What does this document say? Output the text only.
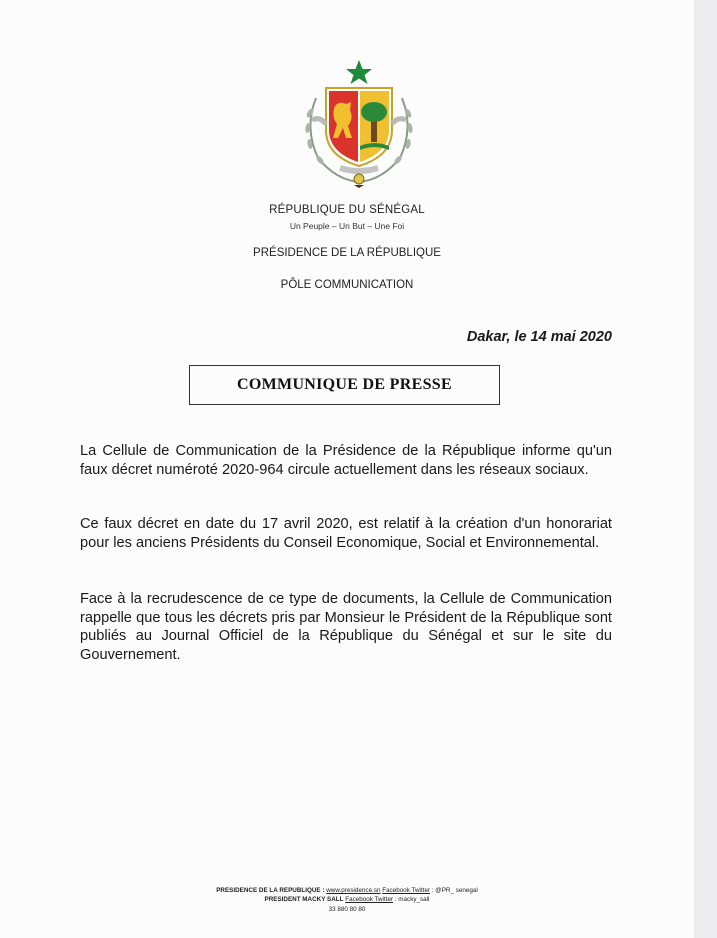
RÉPUBLIQUE DU SÉNÉGAL
Un Peuple – Un But – Une Foi
PRÉSIDENCE DE LA RÉPUBLIQUE
PÔLE COMMUNICATION
Dakar, le 14 mai 2020
COMMUNIQUE DE PRESSE

La Cellule de Communication de la Présidence de la République informe qu'un faux décret numéroté 2020-964 circule actuellement dans les réseaux sociaux.

Ce faux décret en date du 17 avril 2020, est relatif à la création d'un honorariat pour les anciens Présidents du Conseil Economique, Social et Environnemental.

Face à la recrudescence de ce type de documents, la Cellule de Communication rappelle que tous les décrets pris par Monsieur le Président de la République sont publiés au Journal Officiel de la République du Sénégal et sur le site du Gouvernement.

PRESIDENCE DE LA REPUBLIQUE : www.presidence.sn Facebook Twitter : @PR_ senegal
PRESIDENT MACKY SALL Facebook Twitter : macky_sall
33 880 80 80
